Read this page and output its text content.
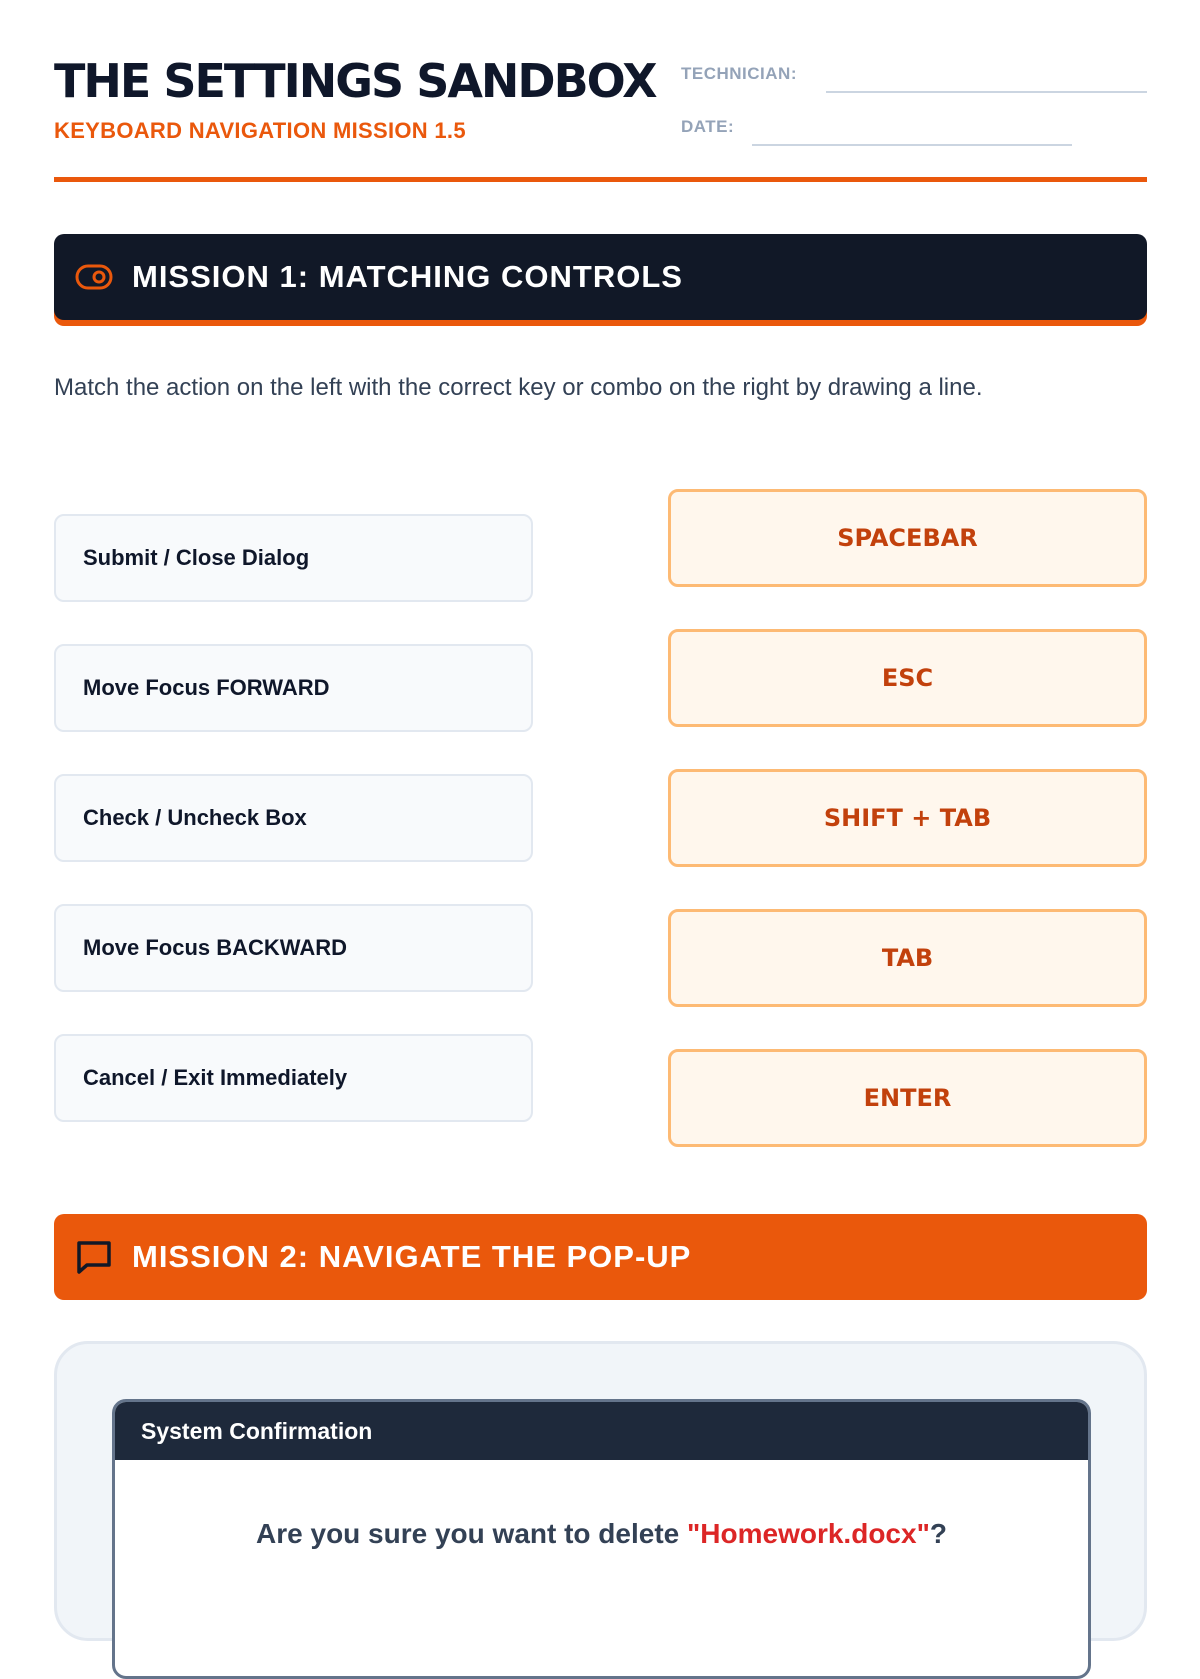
THE SETTINGS SANDBOX
KEYBOARD NAVIGATION MISSION 1.5
TECHNICIAN:
DATE:
MISSION 1: MATCHING CONTROLS

Match the action on the left with the correct key or combo on the right by drawing a line.

Submit / Close Dialog
Move Focus FORWARD
Check / Uncheck Box
Move Focus BACKWARD
Cancel / Exit Immediately
SPACEBAR
ESC
SHIFT + TAB
TAB
ENTER
MISSION 2: NAVIGATE THE POP-UP
System Confirmation
Are you sure you want to delete "Homework.docx"?
